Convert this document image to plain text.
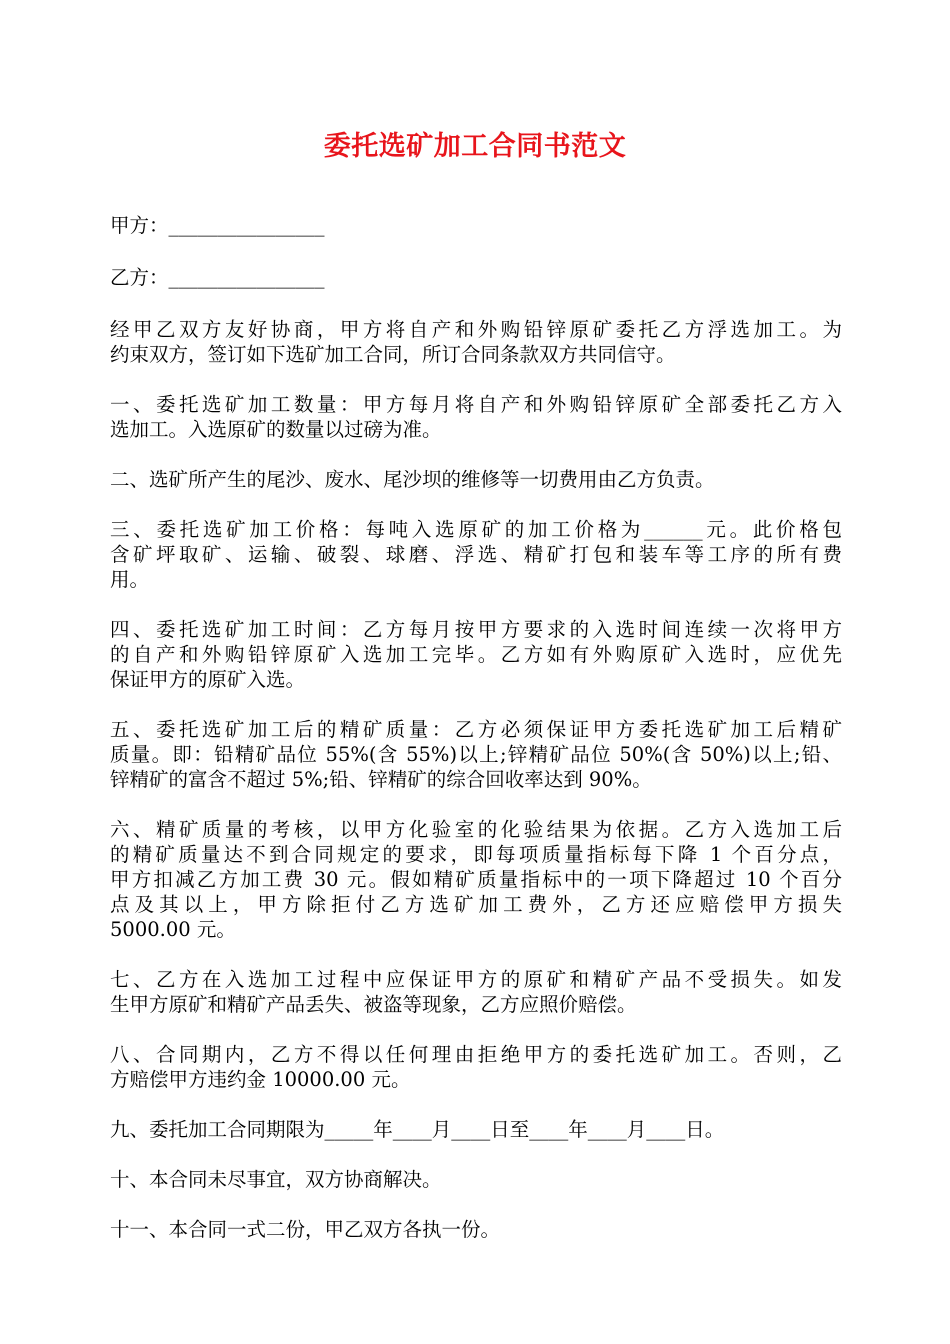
委托选矿加工合同书范文
甲方：________________
乙方：________________
经甲乙双方友好协商，甲方将自产和外购铅锌原矿委托乙方浮选加工。为
约束双方，签订如下选矿加工合同，所订合同条款双方共同信守。
一、委托选矿加工数量：甲方每月将自产和外购铅锌原矿全部委托乙方入
选加工。入选原矿的数量以过磅为准。
二、选矿所产生的尾沙、废水、尾沙坝的维修等一切费用由乙方负责。
三、委托选矿加工价格：每吨入选原矿的加工价格为______元。此价格包
含矿坪取矿、运输、破裂、球磨、浮选、精矿打包和装车等工序的所有费
用。
四、委托选矿加工时间：乙方每月按甲方要求的入选时间连续一次将甲方
的自产和外购铅锌原矿入选加工完毕。乙方如有外购原矿入选时，应优先
保证甲方的原矿入选。
五、委托选矿加工后的精矿质量：乙方必须保证甲方委托选矿加工后精矿
质量。即：铅精矿品位 55%(含 55%)以上;锌精矿品位 50%(含 50%)以上;铅、
锌精矿的富含不超过 5%;铅、锌精矿的综合回收率达到 90%。
六、精矿质量的考核，以甲方化验室的化验结果为依据。乙方入选加工后
的精矿质量达不到合同规定的要求，即每项质量指标每下降 1 个百分点，
甲方扣减乙方加工费 30 元。假如精矿质量指标中的一项下降超过 10 个百分
点及其以上，甲方除拒付乙方选矿加工费外，乙方还应赔偿甲方损失
5000.00 元。
七、乙方在入选加工过程中应保证甲方的原矿和精矿产品不受损失。如发
生甲方原矿和精矿产品丢失、被盗等现象，乙方应照价赔偿。
八、合同期内，乙方不得以任何理由拒绝甲方的委托选矿加工。否则，乙
方赔偿甲方违约金 10000.00 元。
九、委托加工合同期限为_____年____月____日至____年____月____日。
十、本合同未尽事宜，双方协商解决。
十一、本合同一式二份，甲乙双方各执一份。
